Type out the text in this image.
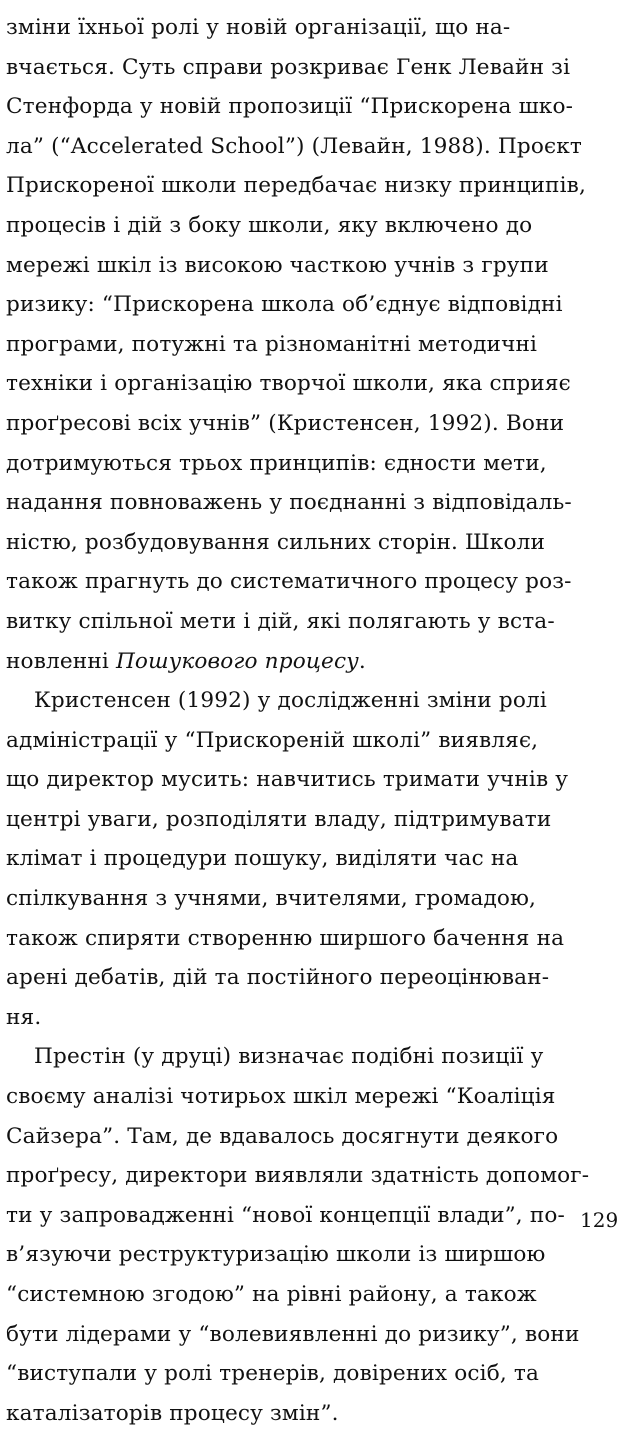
зміни їхньої ролі у новій організації, що на-
вчається. Суть справи розкриває Генк Левайн зі
Стенфорда у новій пропозиції “Прискорена шко-
ла” (“Accelerated School”) (Левайн, 1988). Проєкт
Прискореної школи передбачає низку принципів,
процесів і дій з боку школи, яку включено до
мережі шкіл із високою часткою учнів з групи
ризику: “Прискорена школа об’єднує відповідні
програми, потужні та різноманітні методичні
техніки і організацію творчої школи, яка сприяє
проґресові всіх учнів” (Кристенсен, 1992). Вони
дотримуються трьох принципів: єдности мети,
надання повноважень у поєднанні з відповідаль-
ністю, розбудовування сильних сторін. Школи
також прагнуть до систематичного процесу роз-
витку спільної мети і дій, які полягають у вста-
новленні Пошукового процесу.
Кристенсен (1992) у дослідженні зміни ролі
адміністрації у “Прискореній школі” виявляє,
що директор мусить: навчитись тримати учнів у
центрі уваги, розподіляти владу, підтримувати
клімат і процедури пошуку, виділяти час на
спілкування з учнями, вчителями, громадою,
також спиряти створенню ширшого бачення на
арені дебатів, дій та постійного переоцінюван-
ня.
Престін (у друці) визначає подібні позиції у
своєму аналізі чотирьох шкіл мережі “Коаліція
Сайзера”. Там, де вдавалось досягнути деякого
проґресу, директори виявляли здатність допомог-
ти у запровадженні “нової концепції влади”, по-
в’язуючи реструктуризацію школи із ширшою
“системною згодою” на рівні району, а також
бути лідерами у “волевиявленні до ризику”, вони
“виступали у ролі тренерів, довірених осіб, та
каталізаторів процесу змін”.
129
